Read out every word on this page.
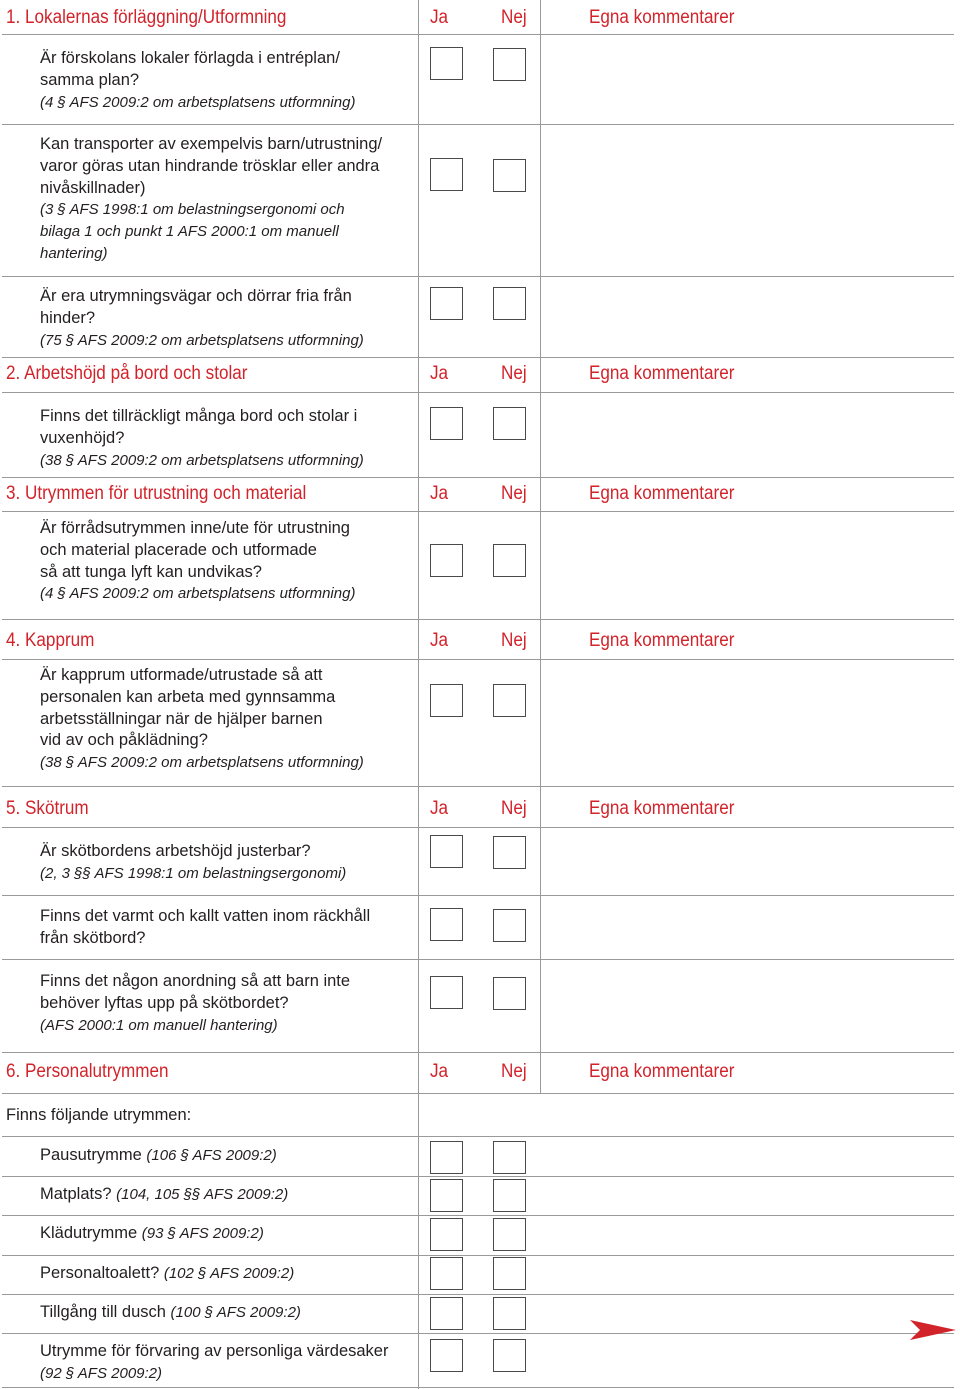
1. Lokalernas förläggning/Utformning	Ja	Nej	Egna kommentarer
Är förskolans lokaler förlagda i entréplan/
samma plan?
(4 § AFS 2009:2 om arbetsplatsens utformning)
Kan transporter av exempelvis barn/utrustning/
varor göras utan hindrande trösklar eller andra
nivåskillnader)
(3 § AFS 1998:1 om belastningsergonomi och
bilaga 1 och punkt 1 AFS 2000:1 om manuell
hantering)
Är era utrymningsvägar och dörrar fria från
hinder?
(75 § AFS 2009:2 om arbetsplatsens utformning)
2. Arbetshöjd på bord och stolar	Ja	Nej	Egna kommentarer
Finns det tillräckligt många bord och stolar i
vuxenhöjd?
(38 § AFS 2009:2 om arbetsplatsens utformning)
3. Utrymmen för utrustning och material	Ja	Nej	Egna kommentarer
Är förrådsutrymmen inne/ute för utrustning
och material placerade och utformade
så att tunga lyft kan undvikas?
(4 § AFS 2009:2 om arbetsplatsens utformning)
4. Kapprum	Ja	Nej	Egna kommentarer
Är kapprum utformade/utrustade så att
personalen kan arbeta med gynnsamma
arbetsställningar när de hjälper barnen
vid av och påklädning?
(38 § AFS 2009:2 om arbetsplatsens utformning)
5. Skötrum	Ja	Nej	Egna kommentarer
Är skötbordens arbetshöjd justerbar?
(2, 3 §§ AFS 1998:1 om belastningsergonomi)
Finns det varmt och kallt vatten inom räckhåll
från skötbord?
Finns det någon anordning så att barn inte
behöver lyftas upp på skötbordet?
(AFS 2000:1 om manuell hantering)
6. Personalutrymmen	Ja	Nej	Egna kommentarer
Finns följande utrymmen:
Pausutrymme (106 § AFS 2009:2)
Matplats? (104, 105 §§ AFS 2009:2)
Klädutrymme (93 § AFS 2009:2)
Personaltoalett? (102 § AFS 2009:2)
Tillgång till dusch (100 § AFS 2009:2)
Utrymme för förvaring av personliga värdesaker
(92 § AFS 2009:2)
